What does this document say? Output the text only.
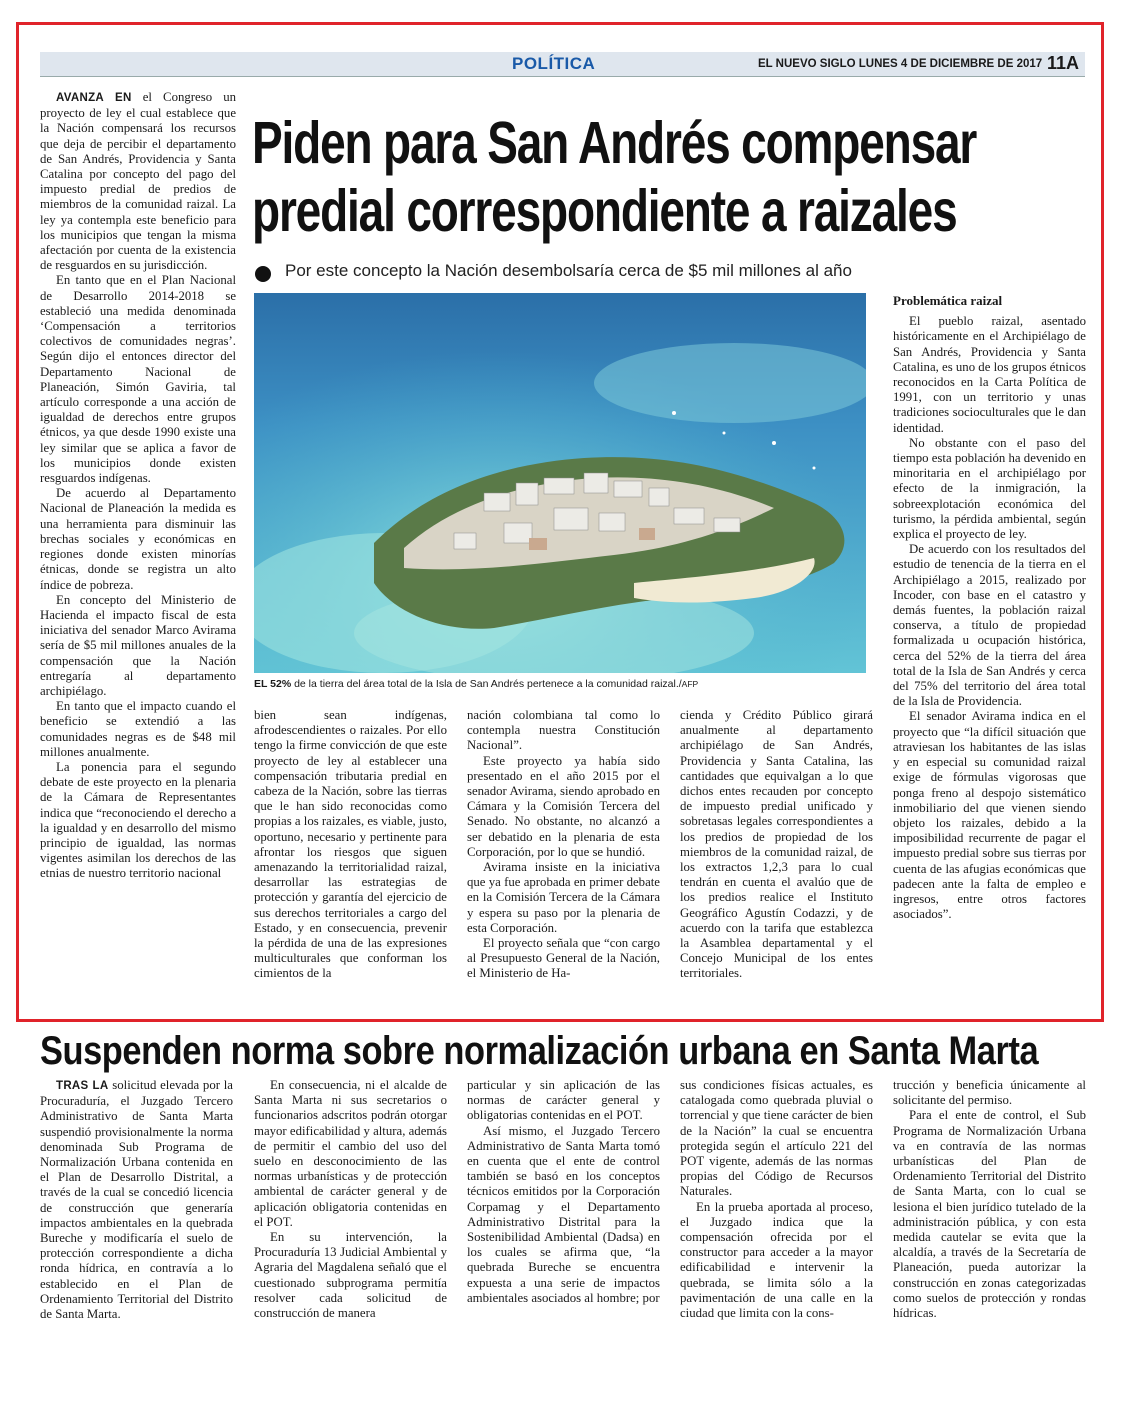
POLÍTICA	EL NUEVO SIGLO LUNES 4 DE DICIEMBRE DE 2017 11A
Piden para San Andrés compensar
predial correspondiente a raizales
Por este concepto la Nación desembolsaría cerca de $5 mil millones al año
EL 52% de la tierra del área total de la Isla de San Andrés pertenece a la comunidad raizal./AFP

AVANZA EN el Congreso un proyecto de ley el cual establece que la Nación compensará los recursos que deja de percibir el departamento de San Andrés, Providencia y Santa Catalina por concepto del pago del impuesto predial de predios de miembros de la comunidad raizal. La ley ya contempla este beneficio para los municipios que tengan la misma afectación por cuenta de la existencia de resguardos en su jurisdicción.

En tanto que en el Plan Nacional de Desarrollo 2014-2018 se estableció una medida denominada ‘Compensación a territorios colectivos de comunidades negras’. Según dijo el entonces director del Departamento Nacional de Planeación, Simón Gaviria, tal artículo corresponde a una acción de igualdad de derechos entre grupos étnicos, ya que desde 1990 existe una ley similar que se aplica a favor de los municipios donde existen resguardos indígenas.

De acuerdo al Departamento Nacional de Planeación la medida es una herramienta para disminuir las brechas sociales y económicas en regiones donde existen minorías étnicas, donde se registra un alto índice de pobreza.

En concepto del Ministerio de Hacienda el impacto fiscal de esta iniciativa del senador Marco Avirama sería de $5 mil millones anuales de la compensación que la Nación entregaría al departamento archipiélago.

En tanto que el impacto cuando el beneficio se extendió a las comunidades negras es de $48 mil millones anualmente.

La ponencia para el segundo debate de este proyecto en la plenaria de la Cámara de Representantes indica que “reconociendo el derecho a la igualdad y en desarrollo del mismo principio de igualdad, las normas vigentes asimilan los derechos de las etnias de nuestro territorio nacional

bien sean indígenas, afrodescendientes o raizales. Por ello tengo la firme convicción de que este proyecto de ley al establecer una compensación tributaria predial en cabeza de la Nación, sobre las tierras que le han sido reconocidas como propias a los raizales, es viable, justo, oportuno, necesario y pertinente para afrontar los riesgos que siguen amenazando la territorialidad raizal, desarrollar las estrategias de protección y garantía del ejercicio de sus derechos territoriales a cargo del Estado, y en consecuencia, prevenir la pérdida de una de las expresiones multiculturales que conforman los cimientos de la

nación colombiana tal como lo contempla nuestra Constitución Nacional”.

Este proyecto ya había sido presentado en el año 2015 por el senador Avirama, siendo aprobado en Cámara y la Comisión Tercera del Senado. No obstante, no alcanzó a ser debatido en la plenaria de esta Corporación, por lo que se hundió.

Avirama insiste en la iniciativa que ya fue aprobada en primer debate en la Comisión Tercera de la Cámara y espera su paso por la plenaria de esta Corporación.

El proyecto señala que “con cargo al Presupuesto General de la Nación, el Ministerio de Ha-

cienda y Crédito Público girará anualmente al departamento archipiélago de San Andrés, Providencia y Santa Catalina, las cantidades que equivalgan a lo que dichos entes recauden por concepto de impuesto predial unificado y sobretasas legales correspondientes a los predios de propiedad de los miembros de la comunidad raizal, de los extractos 1,2,3 para lo cual tendrán en cuenta el avalúo que de los predios realice el Instituto Geográfico Agustín Codazzi, y de acuerdo con la tarifa que establezca la Asamblea departamental y el Concejo Municipal de los entes territoriales.

Problemática raizal

El pueblo raizal, asentado históricamente en el Archipiélago de San Andrés, Providencia y Santa Catalina, es uno de los grupos étnicos reconocidos en la Carta Política de 1991, con un territorio y unas tradiciones socioculturales que le dan identidad.

No obstante con el paso del tiempo esta población ha devenido en minoritaria en el archipiélago por efecto de la inmigración, la sobreexplotación económica del turismo, la pérdida ambiental, según explica el proyecto de ley.

De acuerdo con los resultados del estudio de tenencia de la tierra en el Archipiélago a 2015, realizado por Incoder, con base en el catastro y demás fuentes, la población raizal conserva, a título de propiedad formalizada u ocupación histórica, cerca del 52% de la tierra del área total de la Isla de San Andrés y cerca del 75% del territorio del área total de la Isla de Providencia.

El senador Avirama indica en el proyecto que “la difícil situación que atraviesan los habitantes de las islas y en especial su comunidad raizal exige de fórmulas vigorosas que ponga freno al despojo sistemático inmobiliario del que vienen siendo objeto los raizales, debido a la imposibilidad recurrente de pagar el impuesto predial sobre sus tierras por cuenta de las afugias económicas que padecen ante la falta de empleo e ingresos, entre otros factores asociados”.

Suspenden norma sobre normalización urbana en Santa Marta

TRAS LA solicitud elevada por la Procuraduría, el Juzgado Tercero Administrativo de Santa Marta suspendió provisionalmente la norma denominada Sub Programa de Normalización Urbana contenida en el Plan de Desarrollo Distrital, a través de la cual se concedió licencia de construcción que generaría impactos ambientales en la quebrada Bureche y modificaría el suelo de protección correspondiente a dicha ronda hídrica, en contravía a lo establecido en el Plan de Ordenamiento Territorial del Distrito de Santa Marta.

En consecuencia, ni el alcalde de Santa Marta ni sus secretarios o funcionarios adscritos podrán otorgar mayor edificabilidad y altura, además de permitir el cambio del uso del suelo en desconocimiento de las normas urbanísticas y de protección ambiental de carácter general y de aplicación obligatoria contenidas en el POT.

En su intervención, la Procuraduría 13 Judicial Ambiental y Agraria del Magdalena señaló que el cuestionado subprograma permitía resolver cada solicitud de construcción de manera

particular y sin aplicación de las normas de carácter general y obligatorias contenidas en el POT.

Así mismo, el Juzgado Tercero Administrativo de Santa Marta tomó en cuenta que el ente de control también se basó en los conceptos técnicos emitidos por la Corporación Corpamag y el Departamento Administrativo Distrital para la Sostenibilidad Ambiental (Dadsa) en los cuales se afirma que, “la quebrada Bureche se encuentra expuesta a una serie de impactos ambientales asociados al hombre; por

sus condiciones físicas actuales, es catalogada como quebrada pluvial o torrencial y que tiene carácter de bien de la Nación” la cual se encuentra protegida según el artículo 221 del POT vigente, además de las normas propias del Código de Recursos Naturales.

En la prueba aportada al proceso, el Juzgado indica que la compensación ofrecida por el constructor para acceder a la mayor edificabilidad e intervenir la quebrada, se limita sólo a la pavimentación de una calle en la ciudad que limita con la cons-

trucción y beneficia únicamente al solicitante del permiso.

Para el ente de control, el Sub Programa de Normalización Urbana va en contravía de las normas urbanísticas del Plan de Ordenamiento Territorial del Distrito de Santa Marta, con lo cual se lesiona el bien jurídico tutelado de la administración pública, y con esta medida cautelar se evita que la alcaldía, a través de la Secretaría de Planeación, pueda autorizar la construcción en zonas categorizadas como suelos de protección y rondas hídricas.
